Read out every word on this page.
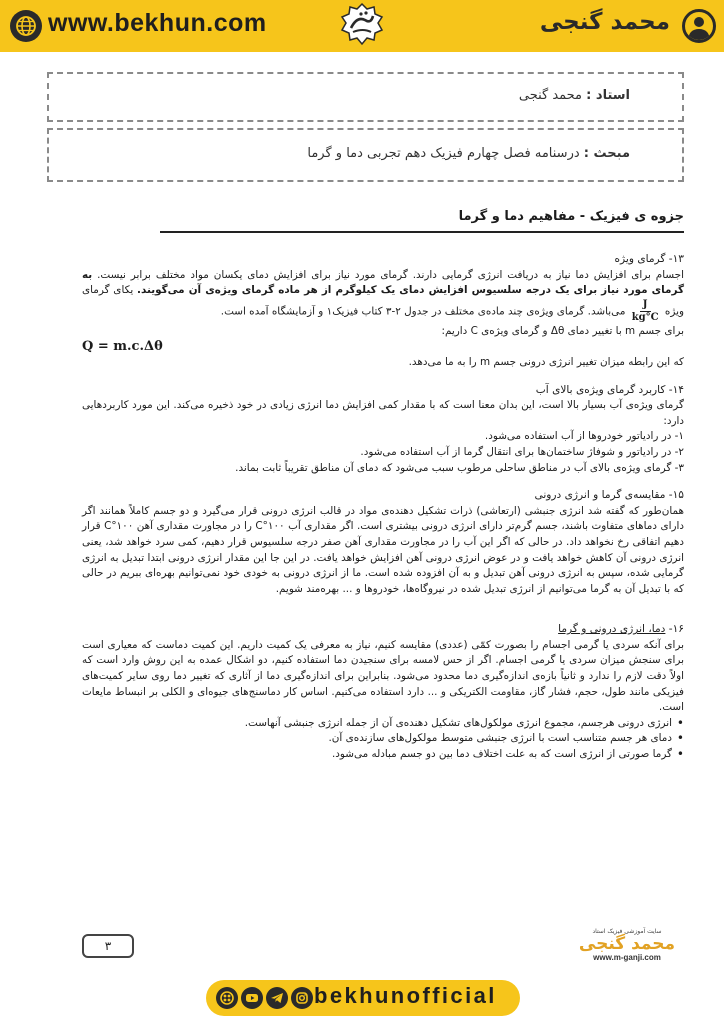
www.bekhun.com	محمد گنجی
استاد : محمد گنجی
مبحث : درسنامه فصل چهارم فیزیک دهم تجربی دما و گرما
جزوه ی فیزیک - مفاهیم دما و گرما

۱۳- گرمای ویژه

اجسام برای افزایش دما نیاز به دریافت انرژی گرمایی دارند. گرمای مورد نیاز برای افزایش دمای یکسان مواد مختلف برابر نیست. به گرمای مورد نیاز برای یک درجه سلسیوس افزایش دمای یک کیلوگرم از هر ماده گرمای ویژه‌ی آن می‌گویند. یکای گرمای ویژه
$\frac{J}{kg^\circ C}$
می‌باشد. گرمای ویژه‌ی چند ماده‌ی مختلف در جدول ۲-۳ کتاب فیزیک۱ و آزمایشگاه آمده است.

برای جسم m با تغییر دمای Δθ و گرمای ویژه‌ی C داریم:

Q = m.c.Δθ

که این رابطه میزان تغییر انرژی درونی جسم m را به ما می‌دهد.

۱۴- کاربرد گرمای ویژه‌ی بالای آب

گرمای ویژه‌ی آب بسیار بالا است، این بدان معنا است که با مقدار کمی افزایش دما انرژی زیادی در خود ذخیره می‌کند. این مورد کاربردهایی دارد:

۱- در رادیاتور خودروها از آب استفاده می‌شود.

۲- در رادیاتور و شوفاژ ساختمان‌ها برای انتقال گرما از آب استفاده می‌شود.

۳- گرمای ویژه‌ی بالای آب در مناطق ساحلی مرطوب سبب می‌شود که دمای آن مناطق تقریباً ثابت بماند.

۱۵- مقایسه‌ی گرما و انرژی درونی

همان‌طور که گفته شد انرژی جنبشی (ارتعاشی) ذرات تشکیل دهنده‌ی مواد در قالب انرژی درونی قرار می‌گیرد و دو جسم کاملاً همانند اگر دارای دماهای متفاوت باشند، جسم گرم‌تر دارای انرژی درونی بیشتری است. اگر مقداری آب ۱۰۰°C را در مجاورت مقداری آهن ۱۰۰°C قرار دهیم اتفاقی رخ نخواهد داد. در حالی که اگر این آب را در مجاورت مقداری آهن صفر درجه سلسیوس قرار دهیم، کمی سرد خواهد شد، یعنی انرژی درونی آن کاهش خواهد یافت و در عوض انرژی درونی آهن افزایش خواهد یافت. در این جا این مقدار انرژی درونی ابتدا تبدیل به انرژی گرمایی شده، سپس به انرژی درونی آهن تبدیل و به آن افزوده شده است. ما از انرژی درونی به خودی خود نمی‌توانیم بهره‌ای ببریم در حالی که با تبدیل آن به گرما می‌توانیم از انرژی تبدیل شده در نیروگاه‌ها، خودروها و ... بهره‌مند شویم.

۱۶- دما، انرژی درونی و گرما

برای آنکه سردی یا گرمی اجسام را بصورت کمّی (عددی) مقایسه کنیم، نیاز به معرفی یک کمیت داریم. این کمیت دماست که معیاری است برای سنجش میزان سردی یا گرمی اجسام. اگر از حس لامسه برای سنجیدن دما استفاده کنیم، دو اشکال عمده به این روش وارد است که اولاً دقت لازم را ندارد و ثانیاً بازه‌ی اندازه‌گیری دما محدود می‌شود. بنابراین برای اندازه‌گیری دما از آثاری که تغییر دما روی سایر کمیت‌های فیزیکی مانند طول، حجم، فشار گاز، مقاومت الکتریکی و ... دارد استفاده می‌کنیم. اساس کار دماسنج‌های جیوه‌ای و الکلی بر انبساط مایعات است.

• انرژی درونی هرجسم، مجموع انرژی مولکول‌های تشکیل دهنده‌ی آن از جمله انرژی جنبشی آنهاست.

• دمای هر جسم متناسب است با انرژی جنبشی متوسط مولکول‌های سازنده‌ی آن.

• گرما صورتی از انرژی است که به علت اختلاف دما بین دو جسم مبادله می‌شود.

۳
سایت آموزشی فیزیک استاد
محمد گنجی
www.m-ganji.com
bekhunofficial
